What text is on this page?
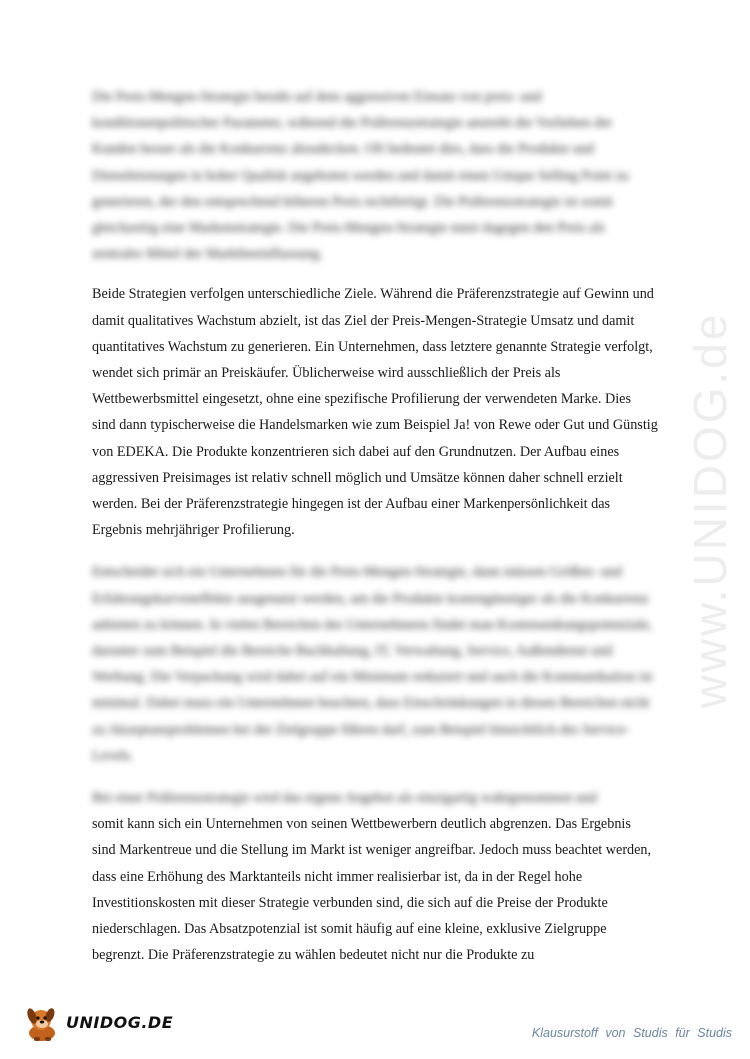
www.UNIDOG.de

Die Preis-Mengen-Strategie beruht auf dem aggressiven Einsatz von preis- und konditionenpolitischer Parameter, während die Präferenzstrategie anstrebt die Vorlieben der Kunden besser als die Konkurrenz abzudecken. Oft bedeutet dies, dass die Produkte und Dienstleistungen in hoher Qualität angeboten werden und damit einen Unique Selling Point zu generieren, der den entsprechend höheren Preis rechtfertigt. Die Präferenzstrategie ist somit gleichzeitig eine Markenstrategie. Die Preis-Mengen-Strategie nutzt dagegen den Preis als zentrales Mittel der Marktbeeinflussung.

Beide Strategien verfolgen unterschiedliche Ziele. Während die Präferenzstrategie auf Gewinn und damit qualitatives Wachstum abzielt, ist das Ziel der Preis-Mengen-Strategie Umsatz und damit quantitatives Wachstum zu generieren. Ein Unternehmen, dass letztere genannte Strategie verfolgt, wendet sich primär an Preiskäufer. Üblicherweise wird ausschließlich der Preis als Wettbewerbsmittel eingesetzt, ohne eine spezifische Profilierung der verwendeten Marke. Dies sind dann typischerweise die Handelsmarken wie zum Beispiel Ja! von Rewe oder Gut und Günstig von EDEKA. Die Produkte konzentrieren sich dabei auf den Grundnutzen. Der Aufbau eines aggressiven Preisimages ist relativ schnell möglich und Umsätze können daher schnell erzielt werden. Bei der Präferenzstrategie hingegen ist der Aufbau einer Markenpersönlichkeit das Ergebnis mehrjähriger Profilierung.

Entscheidet sich ein Unternehmen für die Preis-Mengen-Strategie, dann müssen Größen- und Erfahrungskurveneffekte ausgenutzt werden, um die Produkte kostengünstiger als die Konkurrenz anbieten zu können. In vielen Bereichen des Unternehmens findet man Kostensenkungspotenziale, darunter zum Beispiel die Bereiche Buchhaltung, IT, Verwaltung, Service, Außendienst und Werbung. Die Verpackung wird dabei auf ein Minimum reduziert und auch die Kommunikation ist minimal. Dabei muss ein Unternehmen beachten, dass Einschränkungen in diesen Bereichen nicht zu Akzeptanzproblemen bei der Zielgruppe führen darf, zum Beispiel hinsichtlich des Service-Levels.

Bei einer Präferenzstrategie wird das eigene Angebot als einzigartig wahrgenommen und
somit kann sich ein Unternehmen von seinen Wettbewerbern deutlich abgrenzen. Das Ergebnis sind Markentreue und die Stellung im Markt ist weniger angreifbar. Jedoch muss beachtet werden, dass eine Erhöhung des Marktanteils nicht immer realisierbar ist, da in der Regel hohe Investitionskosten mit dieser Strategie verbunden sind, die sich auf die Preise der Produkte niederschlagen. Das Absatzpotenzial ist somit häufig auf eine kleine, exklusive Zielgruppe begrenzt. Die Präferenzstrategie zu wählen bedeutet nicht nur die Produkte zu

UNIDOG.DE
Klausurstoff von Studis für Studis
